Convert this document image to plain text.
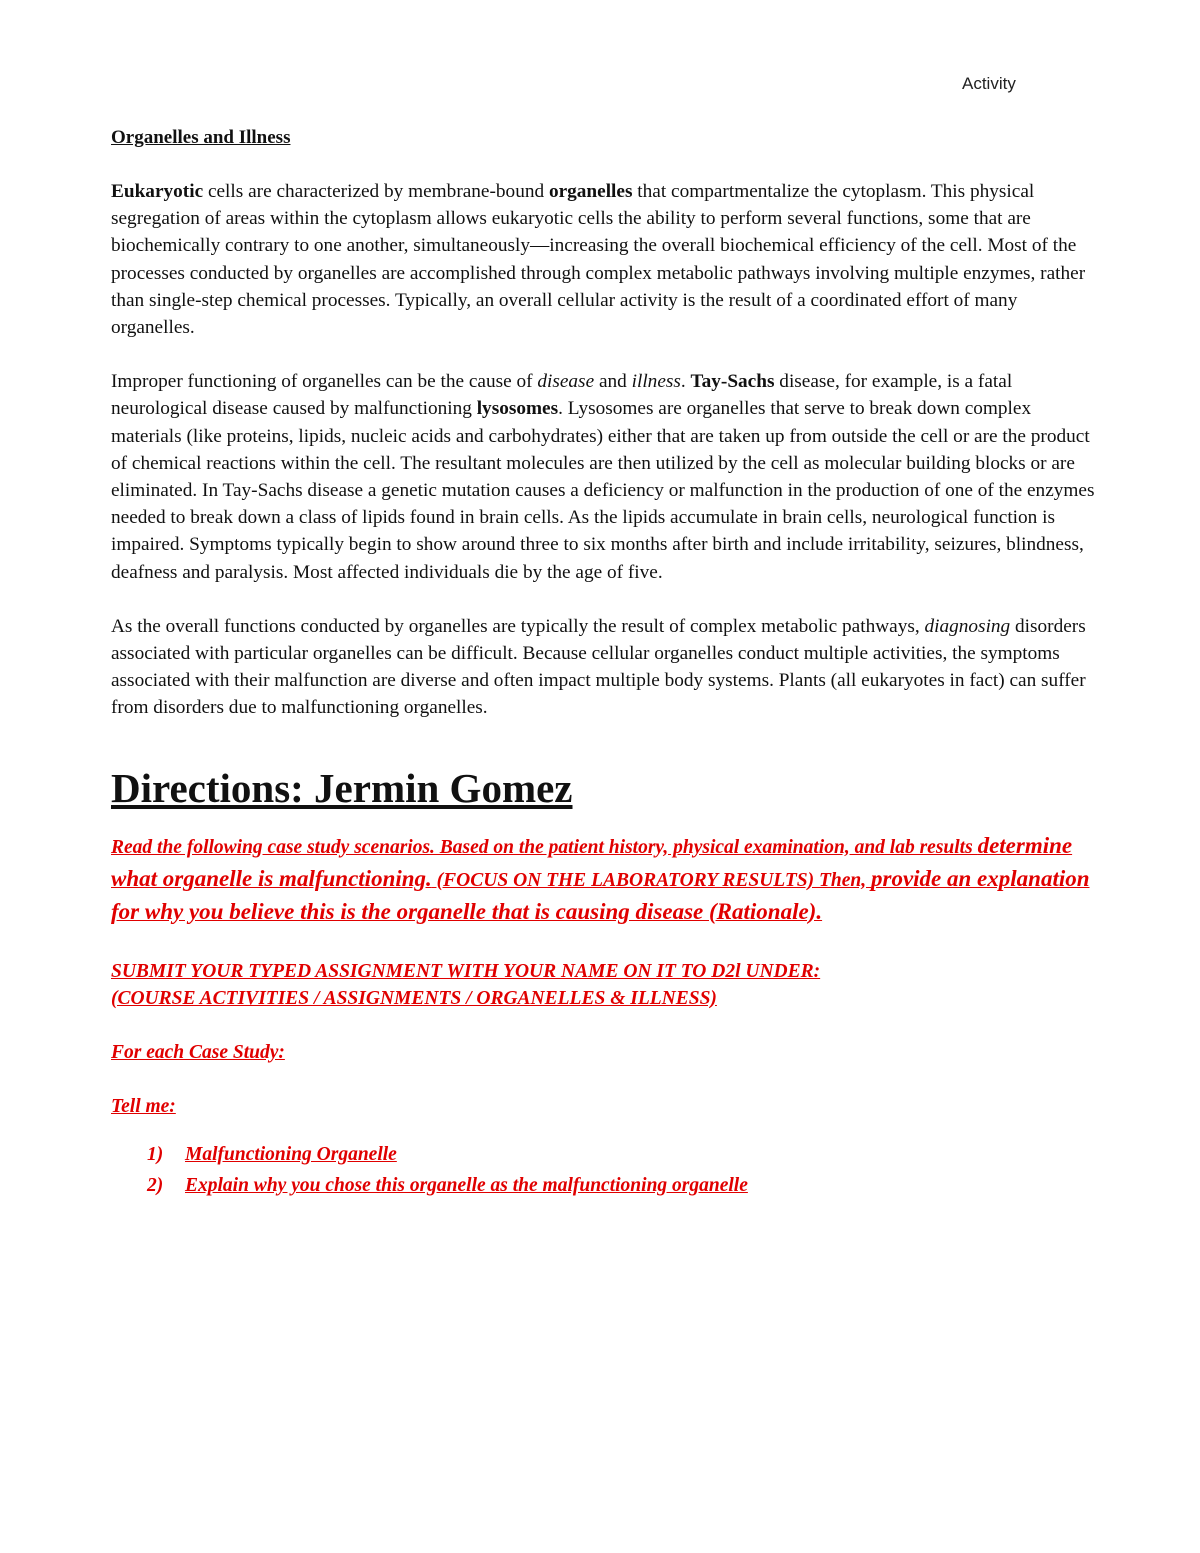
Activity

Organelles and Illness

Eukaryotic cells are characterized by membrane-bound organelles that compartmentalize the cytoplasm. This physical segregation of areas within the cytoplasm allows eukaryotic cells the ability to perform several functions, some that are biochemically contrary to one another, simultaneously—increasing the overall biochemical efficiency of the cell. Most of the processes conducted by organelles are accomplished through complex metabolic pathways involving multiple enzymes, rather than single-step chemical processes. Typically, an overall cellular activity is the result of a coordinated effort of many organelles.

Improper functioning of organelles can be the cause of disease and illness. Tay-Sachs disease, for example, is a fatal neurological disease caused by malfunctioning lysosomes. Lysosomes are organelles that serve to break down complex materials (like proteins, lipids, nucleic acids and carbohydrates) either that are taken up from outside the cell or are the product of chemical reactions within the cell. The resultant molecules are then utilized by the cell as molecular building blocks or are eliminated. In Tay-Sachs disease a genetic mutation causes a deficiency or malfunction in the production of one of the enzymes needed to break down a class of lipids found in brain cells. As the lipids accumulate in brain cells, neurological function is impaired. Symptoms typically begin to show around three to six months after birth and include irritability, seizures, blindness, deafness and paralysis. Most affected individuals die by the age of five.

As the overall functions conducted by organelles are typically the result of complex metabolic pathways, diagnosing disorders associated with particular organelles can be difficult. Because cellular organelles conduct multiple activities, the symptoms associated with their malfunction are diverse and often impact multiple body systems. Plants (all eukaryotes in fact) can suffer from disorders due to malfunctioning organelles.

Directions: Jermin Gomez

Read the following case study scenarios. Based on the patient history, physical examination, and lab results determine what organelle is malfunctioning. (FOCUS ON THE LABORATORY RESULTS) Then, provide an explanation for why you believe this is the organelle that is causing disease (Rationale).

SUBMIT YOUR TYPED ASSIGNMENT WITH YOUR NAME ON IT TO D2l UNDER:
(COURSE ACTIVITIES / ASSIGNMENTS / ORGANELLES & ILLNESS)

For each Case Study:

Tell me:

1) Malfunctioning Organelle
2) Explain why you chose this organelle as the malfunctioning organelle
